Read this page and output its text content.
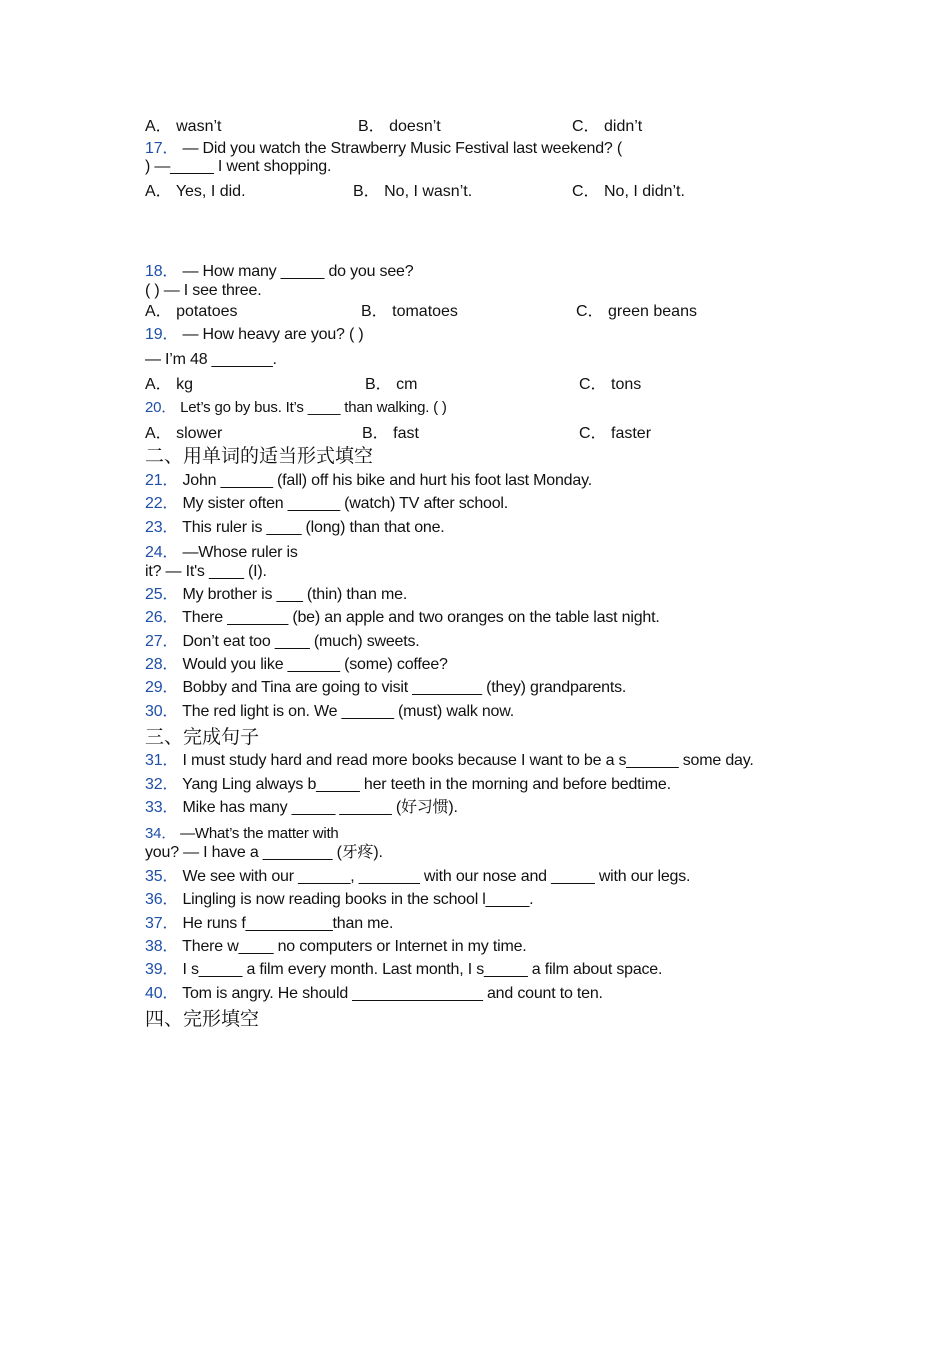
A． wasn’t	B． doesn’t	C． didn’t
17． — Did you watch the Strawberry Music Festival last weekend? (
) —_____ I went shopping.
A． Yes, I did.	B． No, I wasn’t.	C． No, I didn’t.
18． — How many _____ do you see?
( ) — I see three.
A． potatoes	B． tomatoes	C． green beans
19． — How heavy are you? ( )
— I’m 48 _______.
A． kg	B． cm	C． tons
20． Let’s go by bus. It’s ____ than walking. ( )
A． slower	B． fast	C． faster
二、用单词的适当形式填空
21． John ______ (fall) off his bike and hurt his foot last Monday.
22． My sister often ______ (watch) TV after school.
23． This ruler is ____ (long) than that one.
24． —Whose ruler is
it? — It's ____ (I).
25． My brother is ___ (thin) than me.
26． There _______ (be) an apple and two oranges on the table last night.
27． Don’t eat too ____ (much) sweets.
28． Would you like ______ (some) coffee?
29． Bobby and Tina are going to visit ________ (they) grandparents.
30． The red light is on. We ______ (must) walk now.
三、完成句子
31． I must study hard and read more books because I want to be a s______ some day.
32． Yang Ling always b_____ her teeth in the morning and before bedtime.
33． Mike has many _____ ______ (好习惯).
34． —What’s the matter with
you? — I have a ________ (牙疼).
35． We see with our ______, _______ with our nose and _____ with our legs.
36． Lingling is now reading books in the school l_____.
37． He runs f__________than me.
38． There w____ no computers or Internet in my time.
39． I s_____ a film every month. Last month, I s_____ a film about space.
40． Tom is angry. He should _______________ and count to ten.
四、完形填空
